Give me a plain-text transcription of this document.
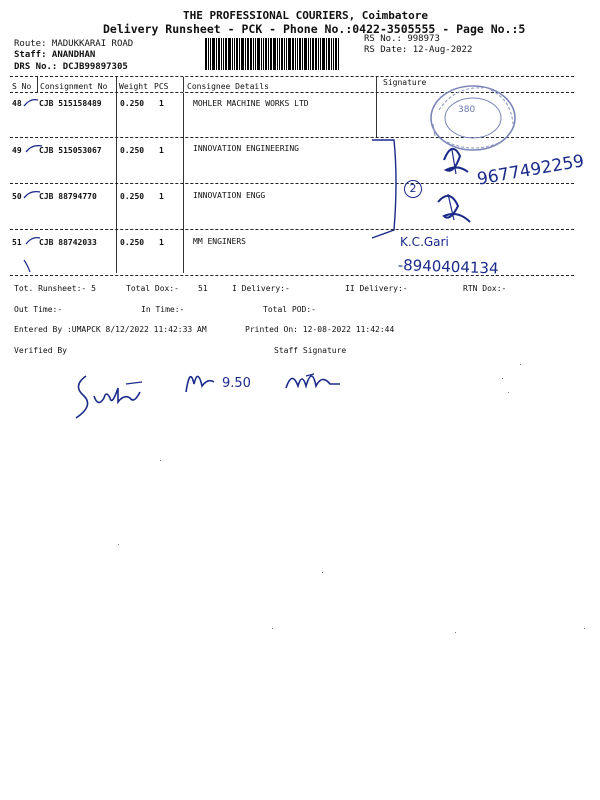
THE PROFESSIONAL COURIERS, Coimbatore
Delivery Runsheet - PCK - Phone No.:0422-3505555 - Page No.:5
Route: MADUKKARAI ROAD
Staff: ANANDHAN
DRS No.: DCJB99897305
RS No.: 998973
RS Date: 12-Aug-2022
S No Consignment No Weight PCS Consignee Details	Signature
48 CJB 515158489 0.250 1	MOHLER MACHINE WORKS LTD
49 CJB 515053067 0.250 1	INNOVATION ENGINEERING
50 CJB 88794770	0.250 1	INNOVATION ENGG
51 CJB 88742033	0.250 1	MM ENGINERS
Tot. Runsheet:- 5	Total Dox:- 51	I Delivery:-	II Delivery:-	RTN Dox:-
Out Time:-	In Time:-	Total POD:-
Entered By :UMAPCK 8/12/2022 11:42:33 AM	Printed On: 12-08-2022 11:42:44
Verified By	Staff Signature
380
2	9677492259
K.C.Gari
-8940404134
9.50
